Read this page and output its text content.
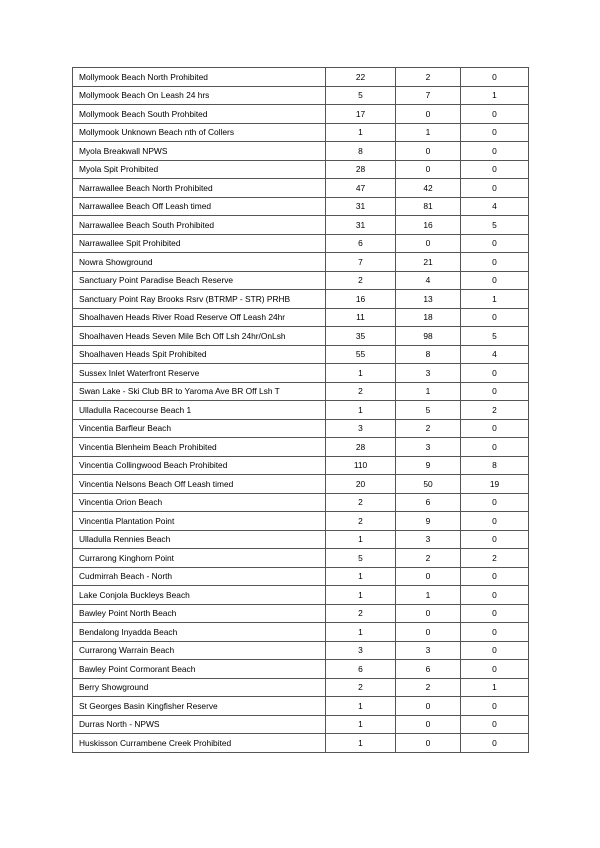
Mollymook Beach North Prohibited	22	2	0
Mollymook Beach On Leash 24 hrs	5	7	1
Mollymook Beach South Prohbited	17	0	0
Mollymook Unknown Beach nth of Collers	1	1	0
Myola Breakwall NPWS	8	0	0
Myola Spit Prohibited	28	0	0
Narrawallee Beach North Prohibited	47	42	0
Narrawallee Beach Off Leash timed	31	81	4
Narrawallee Beach South Prohibited	31	16	5
Narrawallee Spit Prohibited	6	0	0
Nowra Showground	7	21	0
Sanctuary Point Paradise Beach Reserve	2	4	0
Sanctuary Point Ray Brooks Rsrv (BTRMP - STR) PRHB	16	13	1
Shoalhaven Heads River Road Reserve Off Leash 24hr	11	18	0
Shoalhaven Heads Seven Mile Bch Off Lsh 24hr/OnLsh	35	98	5
Shoalhaven Heads Spit Prohibited	55	8	4
Sussex Inlet Waterfront Reserve	1	3	0
Swan Lake - Ski Club BR to Yaroma Ave BR Off Lsh T	2	1	0
Ulladulla Racecourse Beach 1	1	5	2
Vincentia Barfleur Beach	3	2	0
Vincentia Blenheim Beach Prohibited	28	3	0
Vincentia Collingwood Beach Prohibited	110	9	8
Vincentia Nelsons Beach Off Leash timed	20	50	19
Vincentia Orion Beach	2	6	0
Vincentia Plantation Point	2	9	0
Ulladulla Rennies Beach	1	3	0
Currarong Kinghorn Point	5	2	2
Cudmirrah Beach - North	1	0	0
Lake Conjola Buckleys Beach	1	1	0
Bawley Point North Beach	2	0	0
Bendalong Inyadda Beach	1	0	0
Currarong Warrain Beach	3	3	0
Bawley Point Cormorant Beach	6	6	0
Berry Showground	2	2	1
St Georges Basin Kingfisher Reserve	1	0	0
Durras North - NPWS	1	0	0
Huskisson Currambene Creek Prohibited	1	0	0
